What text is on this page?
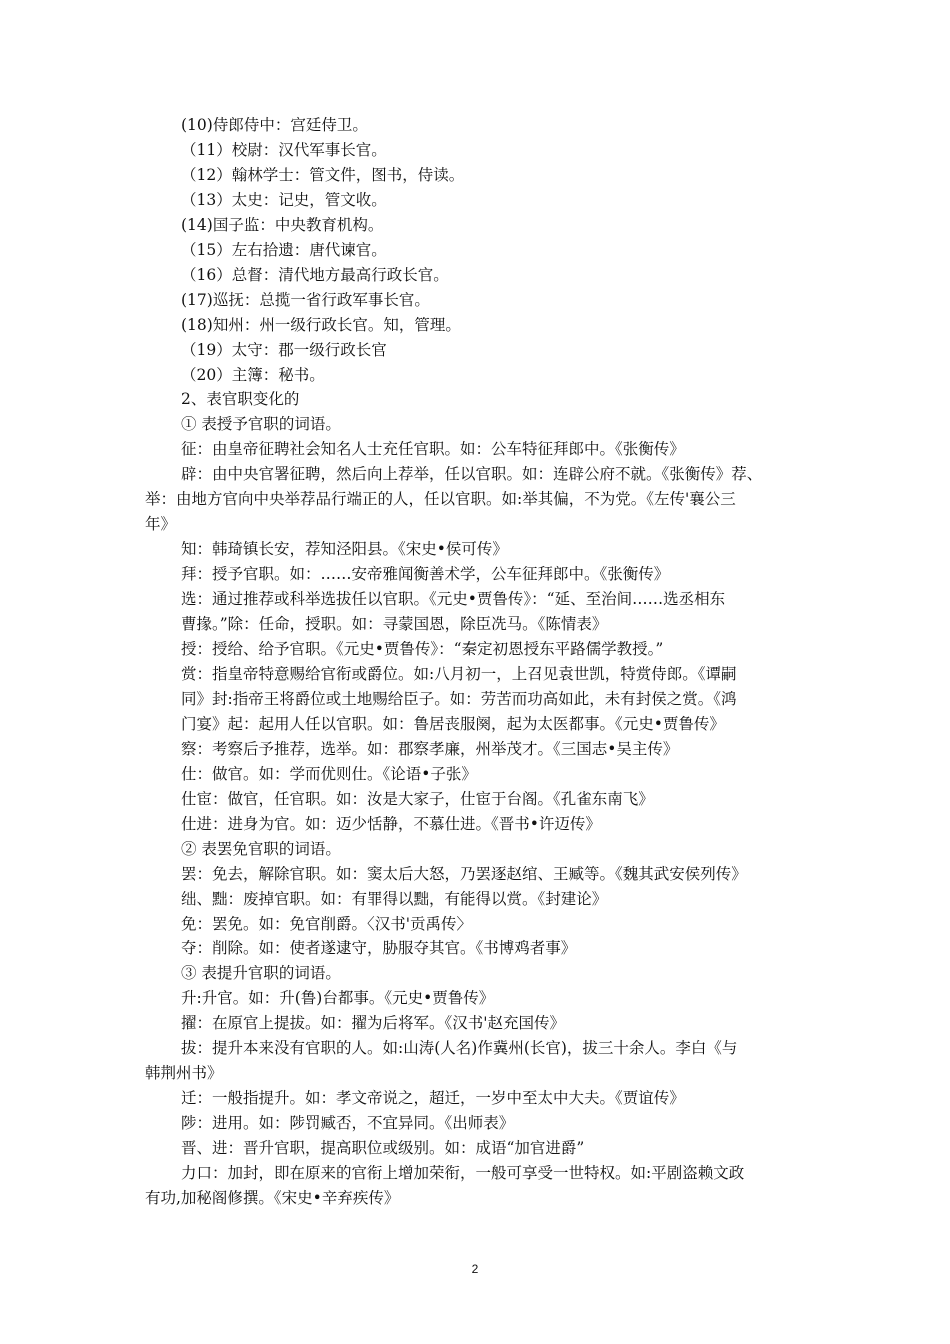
(10)侍郎侍中：宫廷侍卫。
（11）校尉：汉代军事长官。
（12）翰林学士：管文件，图书，侍读。
（13）太史：记史，管文收。
(14)国子监：中央教育机构。
（15）左右拾遗：唐代谏官。
（16）总督：清代地方最高行政长官。
(17)巡抚：总揽一省行政军事长官。
(18)知州：州一级行政长官。知，管理。
（19）太守：郡一级行政长官
（20）主簿：秘书。
2、表官职变化的
① 表授予官职的词语。
征：由皇帝征聘社会知名人士充任官职。如：公车特征拜郎中。《张衡传》
辟：由中央官署征聘，然后向上荐举，任以官职。如：连辟公府不就。《张衡传》荐、
举：由地方官向中央举荐品行端正的人，任以官职。如:举其偏，不为党。《左传'襄公三
年》
知：韩琦镇长安，荐知泾阳县。《宋史•侯可传》
拜：授予官职。如：……安帝雅闻衡善术学，公车征拜郎中。《张衡传》
选：通过推荐或科举选拔任以官职。《元史•贾鲁传》：“延、至治间……选丞相东
曹掾。”除：任命，授职。如：寻蒙国恩，除臣冼马。《陈情表》
授：授给、给予官职。《元史•贾鲁传》：“秦定初恩授东平路儒学教授。”
赏：指皇帝特意赐给官衔或爵位。如:八月初一，上召见袁世凯，特赏侍郎。《谭嗣
同》封:指帝王将爵位或土地赐给臣子。如：劳苦而功高如此，未有封侯之赏。《鸿
门宴》起：起用人任以官职。如：鲁居丧服阕，起为太医都事。《元史•贾鲁传》
察：考察后予推荐，选举。如：郡察孝廉，州举茂才。《三国志•吴主传》
仕：做官。如：学而优则仕。《论语•子张》
仕宦：做官，任官职。如：汝是大家子，仕宦于台阁。《孔雀东南飞》
仕进：进身为官。如：迈少恬静，不慕仕进。《晋书•许迈传》
② 表罢免官职的词语。
罢：免去，解除官职。如：窦太后大怒，乃罢逐赵绾、王臧等。《魏其武安侯列传》
绌、黜：废掉官职。如：有罪得以黜，有能得以赏。《封建论》
免：罢免。如：免官削爵。〈汉书'贡禹传〉
夺：削除。如：使者遂逮守，胁服夺其官。《书博鸡者事》
③ 表提升官职的词语。
升:升官。如：升(鲁)台都事。《元史•贾鲁传》
擢：在原官上提拔。如：擢为后将军。《汉书'赵充国传》
拔：提升本来没有官职的人。如:山涛(人名)作冀州(长官)，拔三十余人。李白《与
韩荆州书》
迁：一般指提升。如：孝文帝说之，超迁，一岁中至太中大夫。《贾谊传》
陟：进用。如：陟罚臧否，不宜异同。《出师表》
晋、进：晋升官职，提高职位或级别。如：成语“加官进爵”
力口：加封，即在原来的官衔上增加荣衔，一般可享受一世特权。如:平剧盗赖文政
有功,加秘阁修撰。《宋史•辛弃疾传》
2
